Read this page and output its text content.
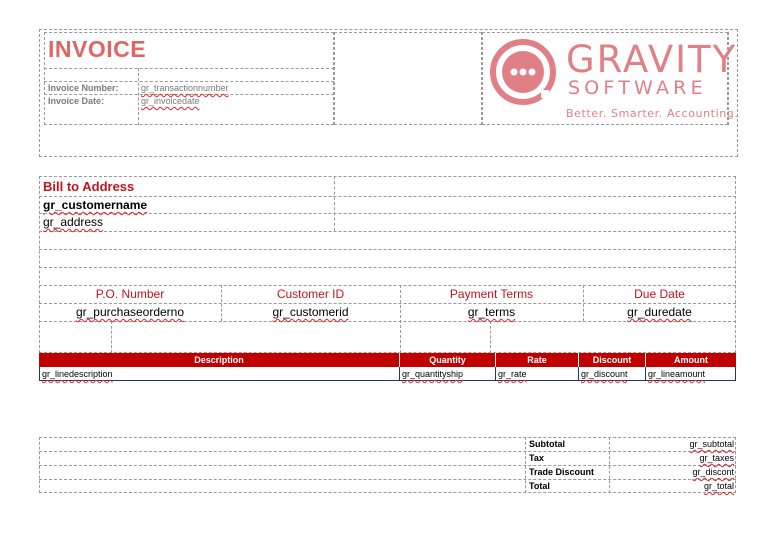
INVOICE
Invoice Number: gr_transactionnumber
Invoice Date:	gr_invoicedate
GRAVITY
SOFTWARE
Better. Smarter. Accounting.
Bill to Address
gr_customername
gr_address
P.O. Number	Customer ID	Payment Terms	Due Date
gr_purchaseorderno	gr_customerid	gr_terms	gr_duredate
Description	Quantity	Rate	Discount	Amount
gr_linedescription	gr_quantityship	gr_rate	gr_discount	gr_lineamount
Subtotal	gr_subtotal
Tax	gr_taxes
Trade Discount	gr_discont
Total	gr_total
